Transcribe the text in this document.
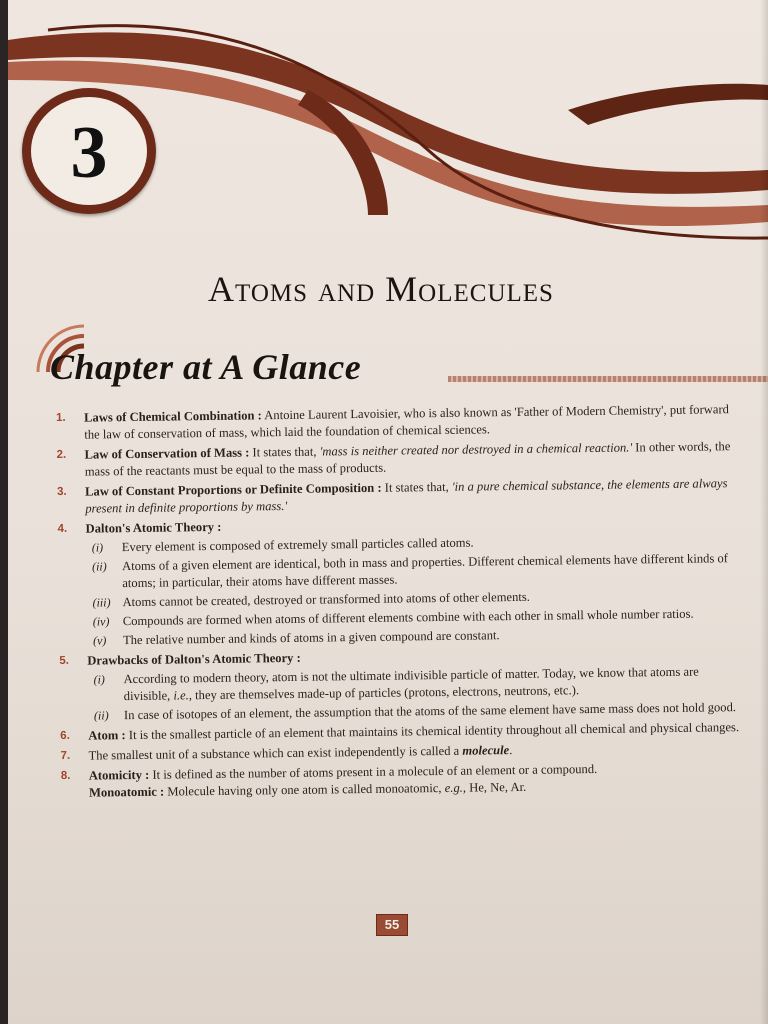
3
Atoms and Molecules
Chapter at A Glance
1. Laws of Chemical Combination : Antoine Laurent Lavoisier, who is also known as 'Father of Modern Chemistry', put forward the law of conservation of mass, which laid the foundation of chemical sciences.
2. Law of Conservation of Mass : It states that, 'mass is neither created nor destroyed in a chemical reaction.' In other words, the mass of the reactants must be equal to the mass of products.
3. Law of Constant Proportions or Definite Composition : It states that, 'in a pure chemical substance, the elements are always present in definite proportions by mass.'
4. Dalton's Atomic Theory :
(i)	Every element is composed of extremely small particles called atoms.
(ii)	Atoms of a given element are identical, both in mass and properties. Different chemical elements have different kinds of atoms; in particular, their atoms have different masses.
(iii) Atoms cannot be created, destroyed or transformed into atoms of other elements.
(iv)	Compounds are formed when atoms of different elements combine with each other in small whole number ratios.
(v)	The relative number and kinds of atoms in a given compound are constant.
5. Drawbacks of Dalton's Atomic Theory :
(i)	According to modern theory, atom is not the ultimate indivisible particle of matter. Today, we know that atoms are divisible, i.e., they are themselves made-up of particles (protons, electrons, neutrons, etc.).
(ii)	In case of isotopes of an element, the assumption that the atoms of the same element have same mass does not hold good.
6. Atom : It is the smallest particle of an element that maintains its chemical identity throughout all chemical and physical changes.
7. The smallest unit of a substance which can exist independently is called a molecule.
8. Atomicity : It is defined as the number of atoms present in a molecule of an element or a compound.
Monoatomic : Molecule having only one atom is called monoatomic, e.g., He, Ne, Ar.
55
